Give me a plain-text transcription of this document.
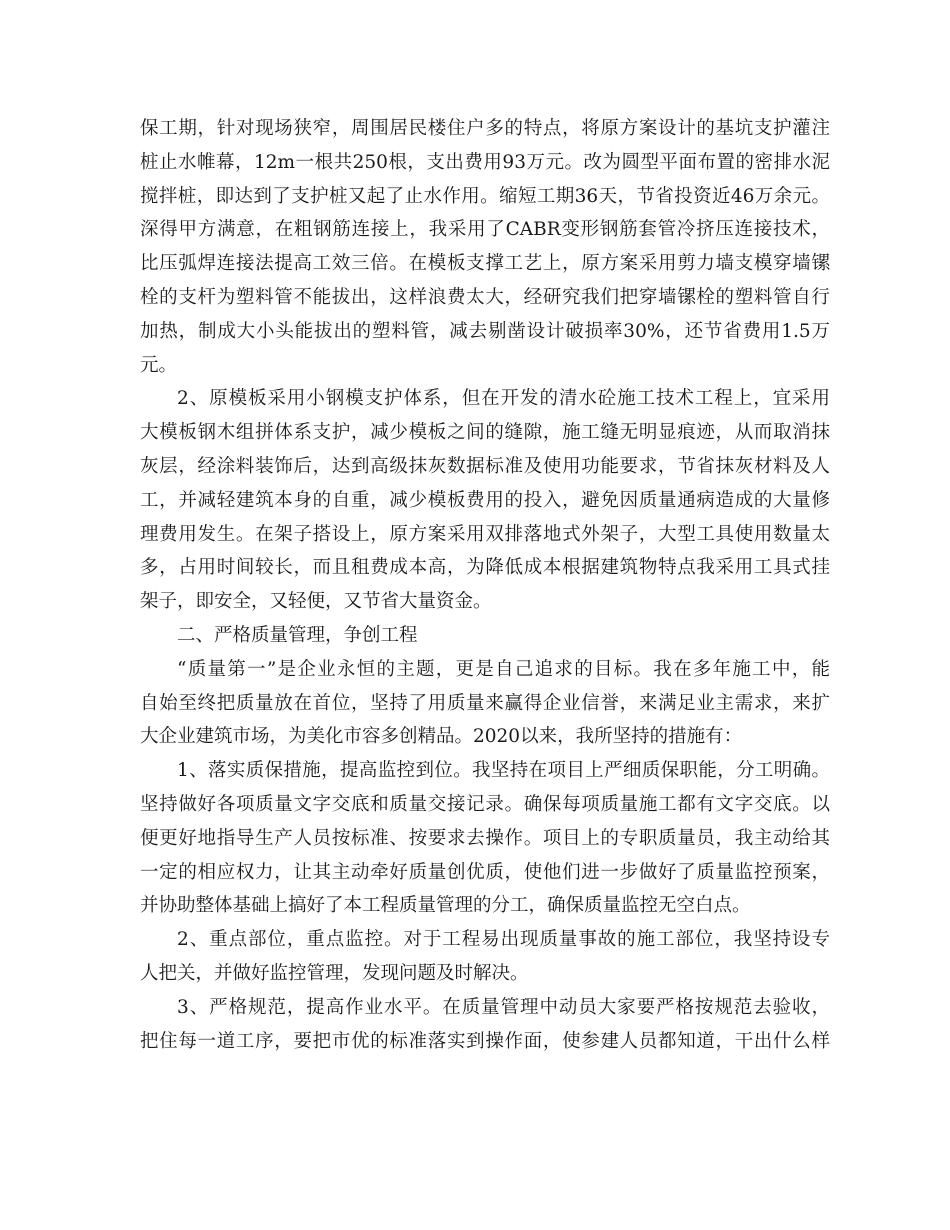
保工期，针对现场狭窄，周围居民楼住户多的特点，将原方案设计的基坑支护灌注
桩止水帷幕，12m一根共250根，支出费用93万元。改为圆型平面布置的密排水泥
搅拌桩，即达到了支护桩又起了止水作用。缩短工期36天，节省投资近46万余元。
深得甲方满意，在粗钢筋连接上，我采用了CABR变形钢筋套管冷挤压连接技术，
比压弧焊连接法提高工效三倍。在模板支撑工艺上，原方案采用剪力墙支模穿墙镙
栓的支杆为塑料管不能拔出，这样浪费太大，经研究我们把穿墙镙栓的塑料管自行
加热，制成大小头能拔出的塑料管，减去剔凿设计破损率30%，还节省费用1.5万
元。
2、原模板采用小钢模支护体系，但在开发的清水砼施工技术工程上，宜采用
大模板钢木组拼体系支护，减少模板之间的缝隙，施工缝无明显痕迹，从而取消抹
灰层，经涂料装饰后，达到高级抹灰数据标准及使用功能要求，节省抹灰材料及人
工，并减轻建筑本身的自重，减少模板费用的投入，避免因质量通病造成的大量修
理费用发生。在架子搭设上，原方案采用双排落地式外架子，大型工具使用数量太
多，占用时间较长，而且租费成本高，为降低成本根据建筑物特点我采用工具式挂
架子，即安全，又轻便，又节省大量资金。
二、严格质量管理，争创工程
“质量第一”是企业永恒的主题，更是自己追求的目标。我在多年施工中，能
自始至终把质量放在首位，坚持了用质量来赢得企业信誉，来满足业主需求，来扩
大企业建筑市场，为美化市容多创精品。2020以来，我所坚持的措施有：
1、落实质保措施，提高监控到位。我坚持在项目上严细质保职能，分工明确。
坚持做好各项质量文字交底和质量交接记录。确保每项质量施工都有文字交底。以
便更好地指导生产人员按标准、按要求去操作。项目上的专职质量员，我主动给其
一定的相应权力，让其主动牵好质量创优质，使他们进一步做好了质量监控预案，
并协助整体基础上搞好了本工程质量管理的分工，确保质量监控无空白点。
2、重点部位，重点监控。对于工程易出现质量事故的施工部位，我坚持设专
人把关，并做好监控管理，发现问题及时解决。
3、严格规范，提高作业水平。在质量管理中动员大家要严格按规范去验收，
把住每一道工序，要把市优的标准落实到操作面，使参建人员都知道，干出什么样
